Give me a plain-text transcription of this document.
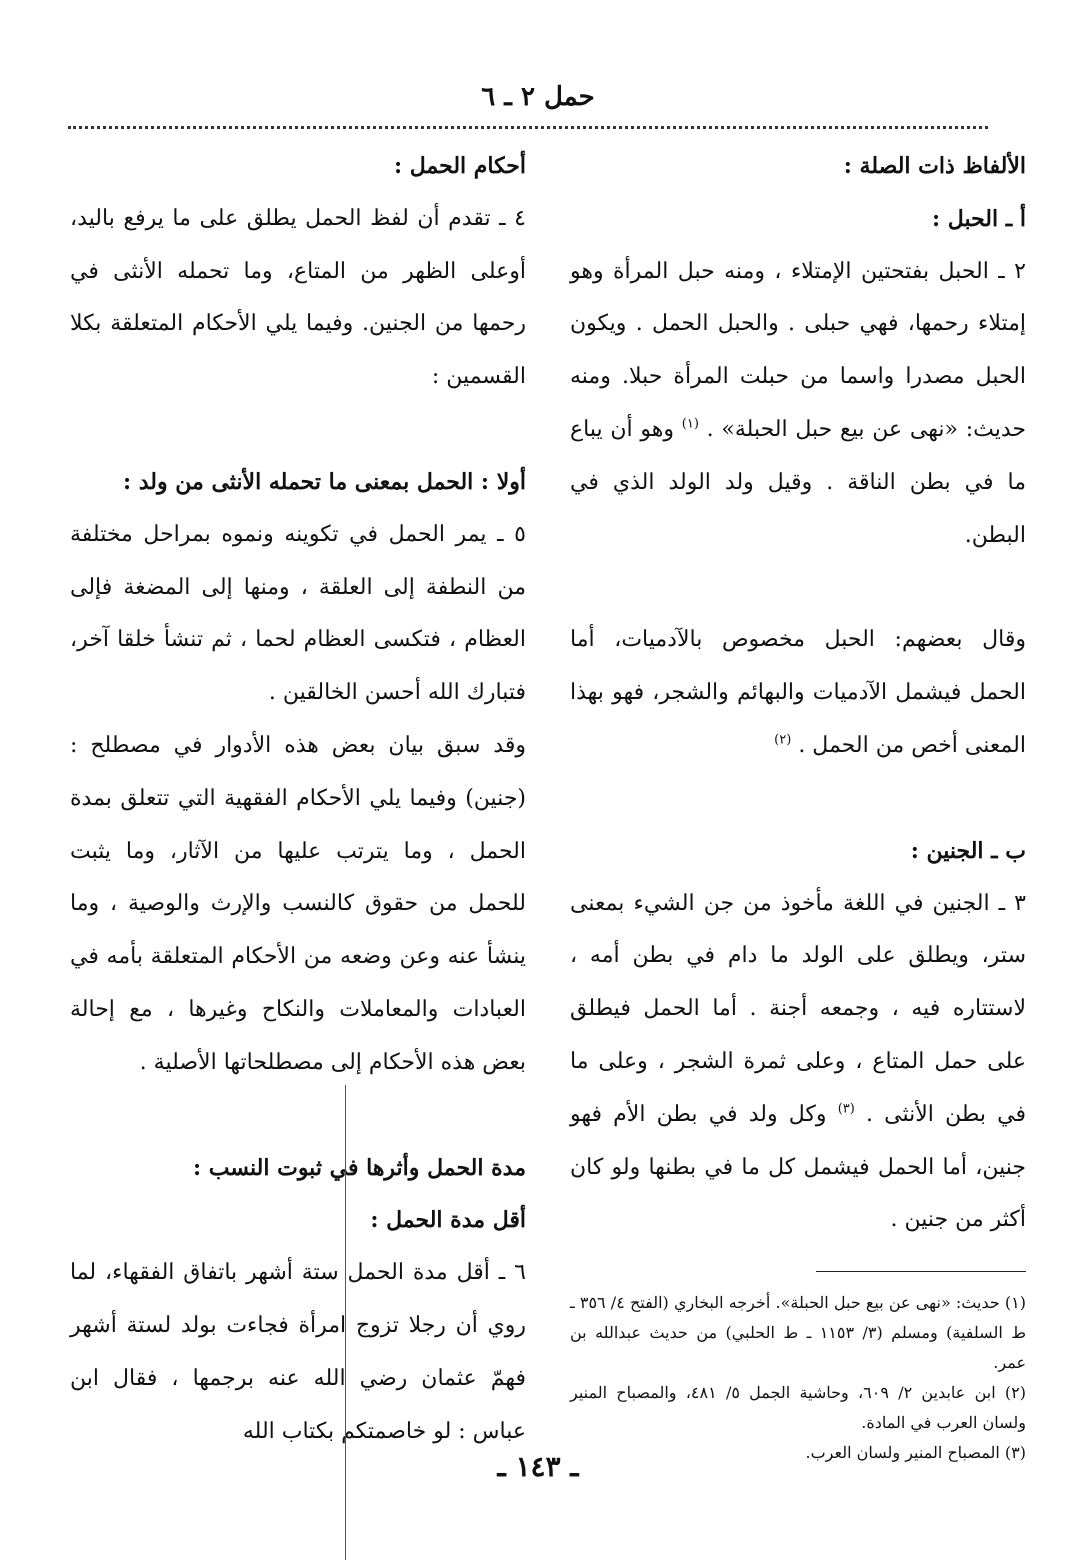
حمل ٢ ـ ٦

الألفاظ ذات الصلة :

أ ـ الحبل :

٢ ـ الحبل بفتحتين الإمتلاء ، ومنه حبل المرأة وهو إمتلاء رحمها، فهي حبلى . والحبل الحمل . ويكون الحبل مصدرا واسما من حبلت المرأة حبلا. ومنه حديث: «نهى عن بيع حبل الحبلة» . $^{(١)}$ وهو أن يباع ما في بطن الناقة . وقيل ولد الولد الذي في البطن.

وقال بعضهم: الحبل مخصوص بالآدميات، أما الحمل فيشمل الآدميات والبهائم والشجر، فهو بهذا المعنى أخص من الحمل . $^{(٢)}$

ب ـ الجنين :

٣ ـ الجنين في اللغة مأخوذ من جن الشيء بمعنى ستر، ويطلق على الولد ما دام في بطن أمه ، لاستتاره فيه ، وجمعه أجنة . أما الحمل فيطلق على حمل المتاع ، وعلى ثمرة الشجر ، وعلى ما في بطن الأنثى . $^{(٣)}$ وكل ولد في بطن الأم فهو جنين، أما الحمل فيشمل كل ما في بطنها ولو كان أكثر من جنين .

(١) حديث: «نهى عن بيع حبل الحبلة». أخرجه البخاري (الفتح ٤/ ٣٥٦ ـ ط السلفية) ومسلم (٣/ ١١٥٣ ـ ط الحلبي) من حديث عبدالله بن عمر.

(٢) ابن عابدين ٢/ ٦٠٩، وحاشية الجمل ٥/ ٤٨١، والمصباح المنير ولسان العرب في المادة.

(٣) المصباح المنير ولسان العرب.

أحكام الحمل :

٤ ـ تقدم أن لفظ الحمل يطلق على ما يرفع باليد، أوعلى الظهر من المتاع، وما تحمله الأنثى في رحمها من الجنين. وفيما يلي الأحكام المتعلقة بكلا القسمين :

أولا : الحمل بمعنى ما تحمله الأنثى من ولد :

٥ ـ يمر الحمل في تكوينه ونموه بمراحل مختلفة من النطفة إلى العلقة ، ومنها إلى المضغة فإلى العظام ، فتكسى العظام لحما ، ثم تنشأ خلقا آخر، فتبارك الله أحسن الخالقين .

وقد سبق بيان بعض هذه الأدوار في مصطلح : (جنين) وفيما يلي الأحكام الفقهية التي تتعلق بمدة الحمل ، وما يترتب عليها من الآثار، وما يثبت للحمل من حقوق كالنسب والإرث والوصية ، وما ينشأ عنه وعن وضعه من الأحكام المتعلقة بأمه في العبادات والمعاملات والنكاح وغيرها ، مع إحالة بعض هذه الأحكام إلى مصطلحاتها الأصلية .

مدة الحمل وأثرها في ثبوت النسب :

أقل مدة الحمل :

٦ ـ أقل مدة الحمل ستة أشهر باتفاق الفقهاء، لما روي أن رجلا تزوج امرأة فجاءت بولد لستة أشهر فهمّ عثمان رضي الله عنه برجمها ، فقال ابن عباس : لو خاصمتكم بكتاب الله

ـ ١٤٣ ـ
